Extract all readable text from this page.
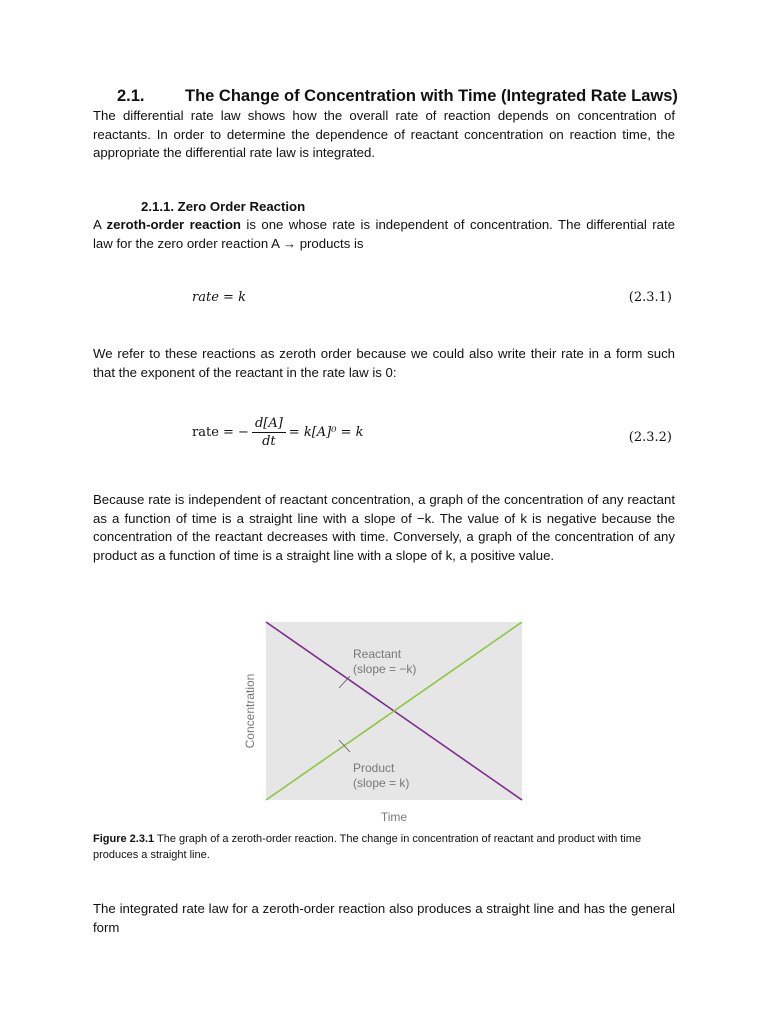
2.1. The Change of Concentration with Time (Integrated Rate Laws)

The differential rate law shows how the overall rate of reaction depends on concentration of reactants. In order to determine the dependence of reactant concentration on reaction time, the appropriate the differential rate law is integrated.

2.1.1. Zero Order Reaction

A zeroth-order reaction is one whose rate is independent of concentration. The differential rate law for the zero order reaction A → products is

rate = k	(2.3.1)

We refer to these reactions as zeroth order because we could also write their rate in a form such that the exponent of the reactant in the rate law is 0:

rate = − $\frac{d[A]}{dt} = k[A]^0 = k$	(2.3.2)

Because rate is independent of reactant concentration, a graph of the concentration of any reactant as a function of time is a straight line with a slope of −k. The value of k is negative because the concentration of the reactant decreases with time. Conversely, a graph of the concentration of any product as a function of time is a straight line with a slope of k, a positive value.

Reactant
(slope = −k)
Product
(slope = k)
Time
Concentration
Figure 2.3.1 The graph of a zeroth-order reaction. The change in concentration of reactant and product with time produces a straight line.

The integrated rate law for a zeroth-order reaction also produces a straight line and has the general form
